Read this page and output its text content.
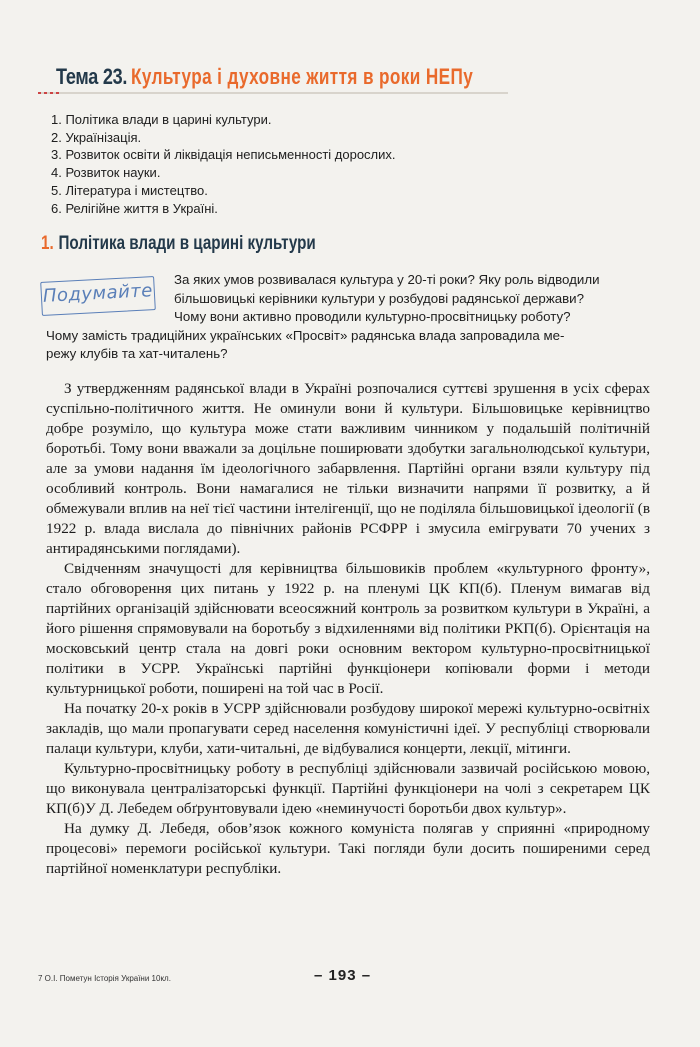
Тема 23. Культура і духовне життя в роки НЕПу
1. Політика влади в царині культури.
2. Українізація.
3. Розвиток освіти й ліквідація неписьменності дорослих.
4. Розвиток науки.
5. Література і мистецтво.
6. Релігійне життя в Україні.
1. Політика влади в царині культури
Подумайте
За яких умов розвивалася культура у 20-ті роки? Яку роль відводили
більшовицькі керівники культури у розбудові радянської держави?
Чому вони активно проводили культурно-просвітницьку роботу?
Чому замість традиційних українських «Просвіт» радянська влада запровадила ме-
режу клубів та хат-читалень?

З утвердженням радянської влади в Україні розпочалися суттєві зрушення в усіх сферах суспільно-політичного життя. Не оминули вони й культури. Більшовицьке керівництво добре розуміло, що культура може стати важливим чинником у подальшій політичній боротьбі. Тому вони вважали за доцільне поширювати здобутки загальнолюдської культури, але за умови надання їм ідеологічного забарвлення. Партійні органи взяли культуру під особливий контроль. Вони намагалися не тільки визначити напрями її розвитку, а й обмежували вплив на неї тієї частини інтелігенції, що не поділяла більшовицької ідеології (в 1922 р. влада вислала до північних районів РСФРР і змусила емігрувати 70 учених з антирадянськими поглядами).

Свідченням значущості для керівництва більшовиків проблем «культурного фронту», стало обговорення цих питань у 1922 р. на пленумі ЦК КП(б). Пленум вимагав від партійних організацій здійснювати всеосяжний контроль за розвитком культури в Україні, а його рішення спрямовували на боротьбу з відхиленнями від політики РКП(б). Орієнтація на московський центр стала на довгі роки основним вектором культурно-просвітницької політики в УСРР. Українські партійні функціонери копіювали форми і методи культурницької роботи, поширені на той час в Росії.

На початку 20-х років в УСРР здійснювали розбудову широкої мережі культурно-освітніх закладів, що мали пропагувати серед населення комуністичні ідеї. У республіці створювали палаци культури, клуби, хати-читальні, де відбувалися концерти, лекції, мітинги.

Культурно-просвітницьку роботу в республіці здійснювали зазвичай російською мовою, що виконувала централізаторські функції. Партійні функціонери на чолі з секретарем ЦК КП(б)У Д. Лебедем обґрунтовували ідею «неминучості боротьби двох культур».

На думку Д. Лебедя, обов’язок кожного комуніста полягав у сприянні «природному процесові» перемоги російської культури. Такі погляди були досить поширеними серед партійної номенклатури республіки.

7 О.І. Пометун Історія України 10кл.	– 193 –
